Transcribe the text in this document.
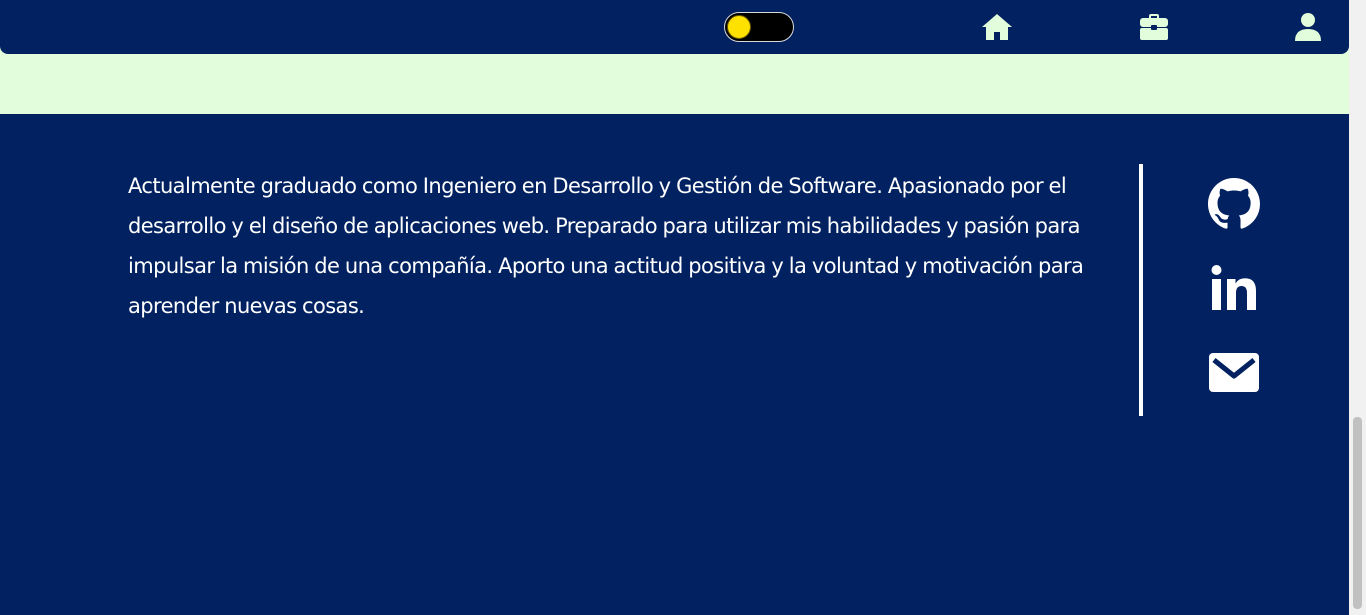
Actualmente graduado como Ingeniero en Desarrollo y Gestión de Software. Apasionado por el desarrollo y el diseño de aplicaciones web. Preparado para utilizar mis habilidades y pasión para impulsar la misión de una compañía. Aporto una actitud positiva y la voluntad y motivación para aprender nuevas cosas.
